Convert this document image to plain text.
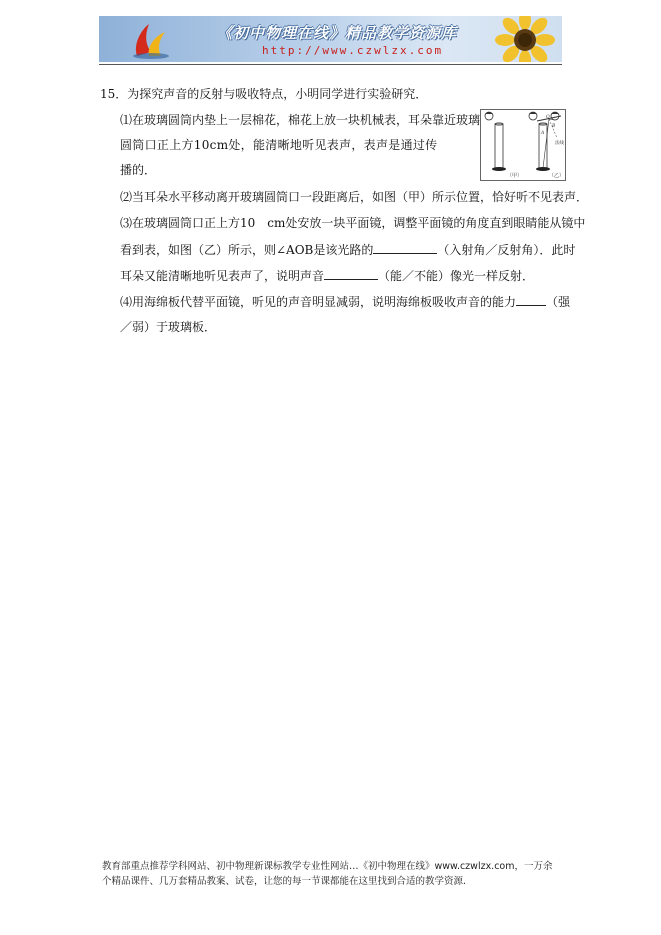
《初中物理在线》精品教学资源库
http://www.czwlzx.com
15．为探究声音的反射与吸收特点，小明同学进行实验研究．
⑴在玻璃圆筒内垫上一层棉花，棉花上放一块机械表，耳朵靠近玻璃
圆筒口正上方10cm处，能清晰地听见表声，表声是通过传
播的．
⑵当耳朵水平移动离开玻璃圆筒口一段距离后，如图（甲）所示位置，恰好听不见表声．
⑶在玻璃圆筒口正上方10　cm处安放一块平面镜，调整平面镜的角度直到眼睛能从镜中
看到表，如图（乙）所示，则∠AOB是该光路的	（入射角／反射角）．此时
耳朵又能清晰地听见表声了，说明声音	（能／不能）像光一样反射．
⑷用海绵板代替平面镜，听见的声音明显减弱，说明海绵板吸收声音的能力	（强
／弱）于玻璃板．
（甲）
A
B
O
法线
（乙）
教育部重点推荐学科网站、初中物理新课标教学专业性网站…《初中物理在线》www.czwlzx.com，一万余
个精品课件、几万套精品教案、试卷，让您的每一节课都能在这里找到合适的教学资源．
